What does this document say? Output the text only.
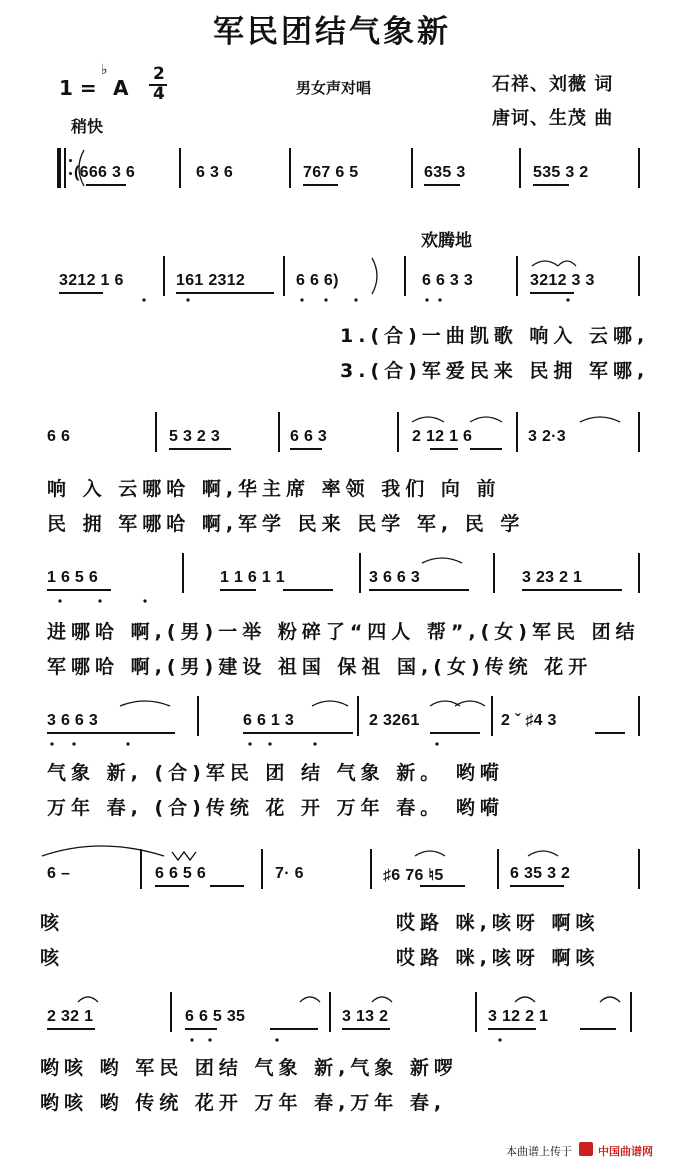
军民团结气象新
1 =
♭
A
2
4	男女声对唱	石祥、刘薇 词
唐诃、生茂 曲
稍快
(666 3 6	6 3 6	767 6 5	635 3	535 3 2
欢腾地
3212 1 6	161 2312	6 6 6)	6 6 3 3	3212 3 3
1.(合)一曲凯歌 响入 云哪,
3.(合)军爱民来 民拥 军哪,
6 6	5 3 2 3	6 6 3	2 12 1 6	3 2·3
响 入 云哪哈 啊,华主席 率领 我们 向 前
民 拥 军哪哈 啊,军学 民来 民学 军, 民 学
1 6 5 6	1 1 6 1 1	3 6 6 3	3 23 2 1
进哪哈 啊,(男)一举 粉碎了“四人 帮”,(女)军民 团结
军哪哈 啊,(男)建设 祖国 保祖 国,(女)传统 花开
3 6 6 3	6 6 1 3	2 3261	2 ˇ ♯4 3
气象 新, (合)军民 团 结 气象 新。 哟嗬
万年 春, (合)传统 花 开 万年 春。 哟嗬
6 –	6 6 5 6	7· 6	♯6 76 ♮5	6 35 3 2
咳	哎路 咪,咳呀 啊咳
咳	哎路 咪,咳呀 啊咳
2 32 1	6 6 5 35	3 13 2	3 12 2 1
哟咳 哟 军民 团结 气象 新,气象 新啰
哟咳 哟 传统 花开 万年 春,万年 春,
本曲谱上传于 中国曲谱网
